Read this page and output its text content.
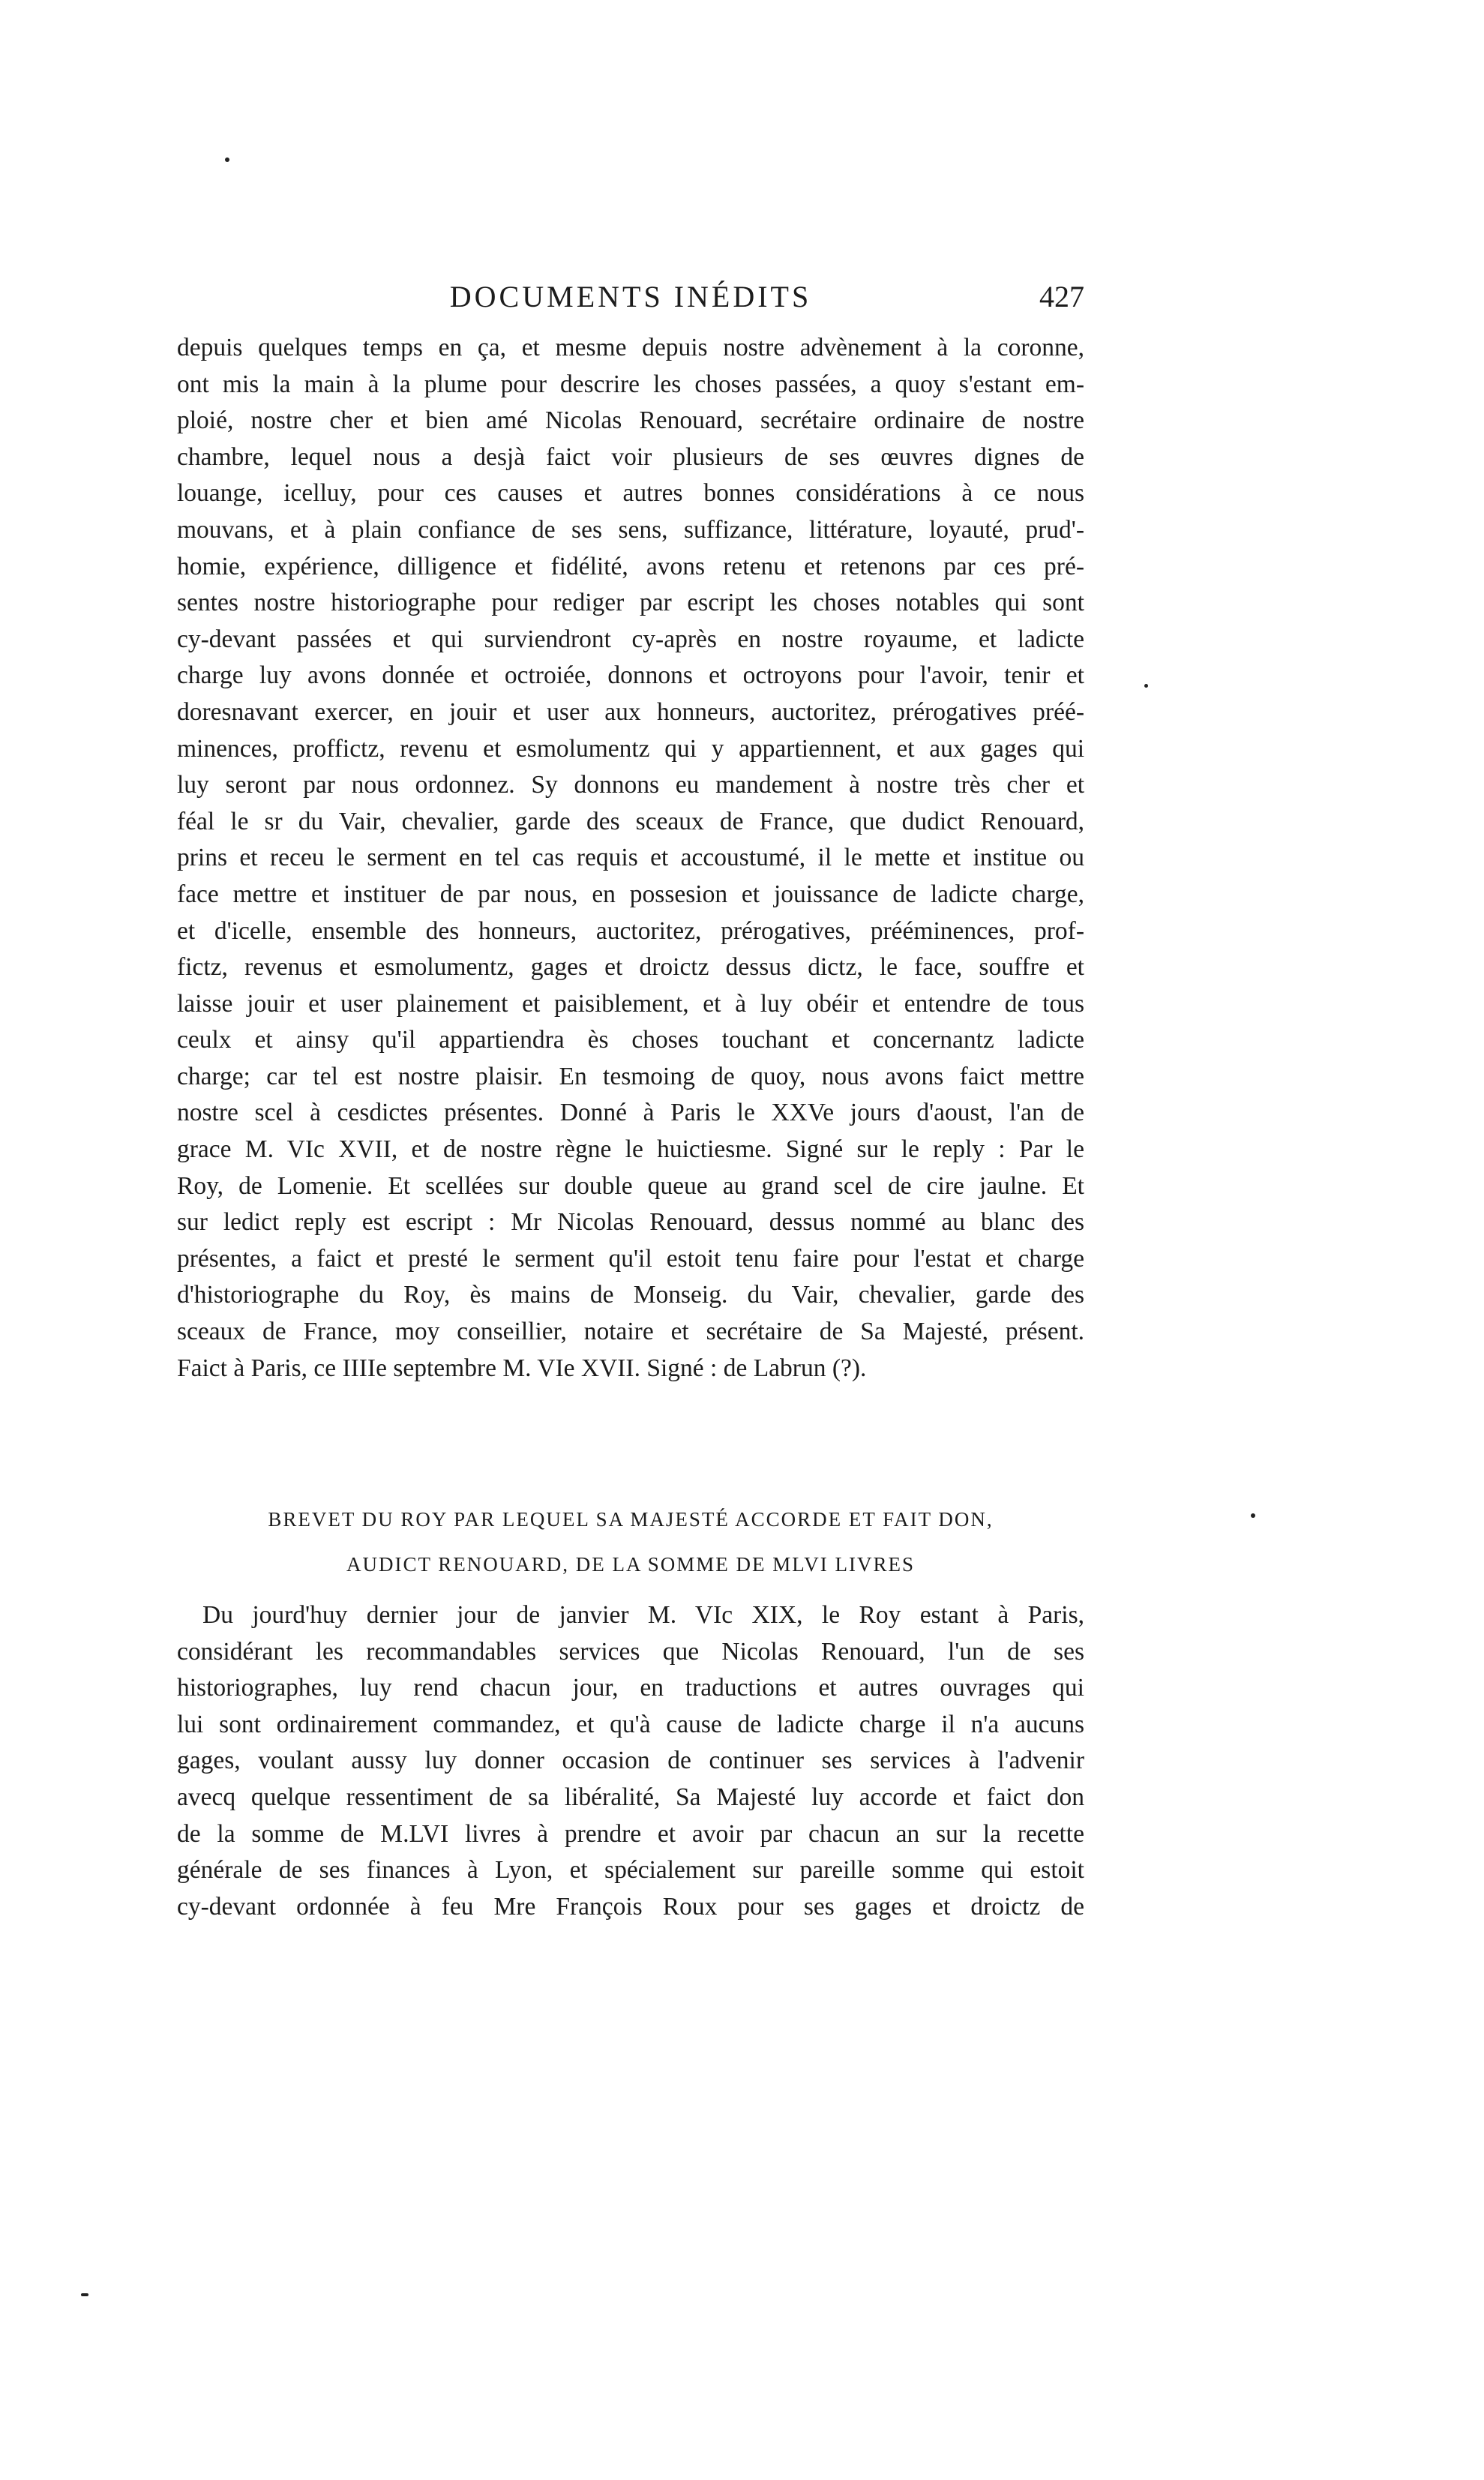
DOCUMENTS INÉDITS	427
depuis quelques temps en ça, et mesme depuis nostre advènement à la coronne,
ont mis la main à la plume pour descrire les choses passées, a quoy s'estant em-
ploié, nostre cher et bien amé Nicolas Renouard, secrétaire ordinaire de nostre
chambre, lequel nous a desjà faict voir plusieurs de ses œuvres dignes de
louange, icelluy, pour ces causes et autres bonnes considérations à ce nous
mouvans, et à plain confiance de ses sens, suffizance, littérature, loyauté, prud'-
homie, expérience, dilligence et fidélité, avons retenu et retenons par ces pré-
sentes nostre historiographe pour rediger par escript les choses notables qui sont
cy-devant passées et qui surviendront cy-après en nostre royaume, et ladicte
charge luy avons donnée et octroiée, donnons et octroyons pour l'avoir, tenir et
doresnavant exercer, en jouir et user aux honneurs, auctoritez, prérogatives préé-
minences, proffictz, revenu et esmolumentz qui y appartiennent, et aux gages qui
luy seront par nous ordonnez. Sy donnons eu mandement à nostre très cher et
féal le sr du Vair, chevalier, garde des sceaux de France, que dudict Renouard,
prins et receu le serment en tel cas requis et accoustumé, il le mette et institue ou
face mettre et instituer de par nous, en possesion et jouissance de ladicte charge,
et d'icelle, ensemble des honneurs, auctoritez, prérogatives, prééminences, prof-
fictz, revenus et esmolumentz, gages et droictz dessus dictz, le face, souffre et
laisse jouir et user plainement et paisiblement, et à luy obéir et entendre de tous
ceulx et ainsy qu'il appartiendra ès choses touchant et concernantz ladicte
charge; car tel est nostre plaisir. En tesmoing de quoy, nous avons faict mettre
nostre scel à cesdictes présentes. Donné à Paris le XXVe jours d'aoust, l'an de
grace M. VIc XVII, et de nostre règne le huictiesme. Signé sur le reply : Par le
Roy, de Lomenie. Et scellées sur double queue au grand scel de cire jaulne. Et
sur ledict reply est escript : Mr Nicolas Renouard, dessus nommé au blanc des
présentes, a faict et presté le serment qu'il estoit tenu faire pour l'estat et charge
d'historiographe du Roy, ès mains de Monseig. du Vair, chevalier, garde des
sceaux de France, moy conseillier, notaire et secrétaire de Sa Majesté, présent.
Faict à Paris, ce IIIIe septembre M. VIe XVII. Signé : de Labrun (?).
BREVET DU ROY PAR LEQUEL SA MAJESTÉ ACCORDE ET FAIT DON,
AUDICT RENOUARD, DE LA SOMME DE MLVI LIVRES
Du jourd'huy dernier jour de janvier M. VIc XIX, le Roy estant à Paris,
considérant les recommandables services que Nicolas Renouard, l'un de ses
historiographes, luy rend chacun jour, en traductions et autres ouvrages qui
lui sont ordinairement commandez, et qu'à cause de ladicte charge il n'a aucuns
gages, voulant aussy luy donner occasion de continuer ses services à l'advenir
avecq quelque ressentiment de sa libéralité, Sa Majesté luy accorde et faict don
de la somme de M.LVI livres à prendre et avoir par chacun an sur la recette
générale de ses finances à Lyon, et spécialement sur pareille somme qui estoit
cy-devant ordonnée à feu Mre François Roux pour ses gages et droictz de
